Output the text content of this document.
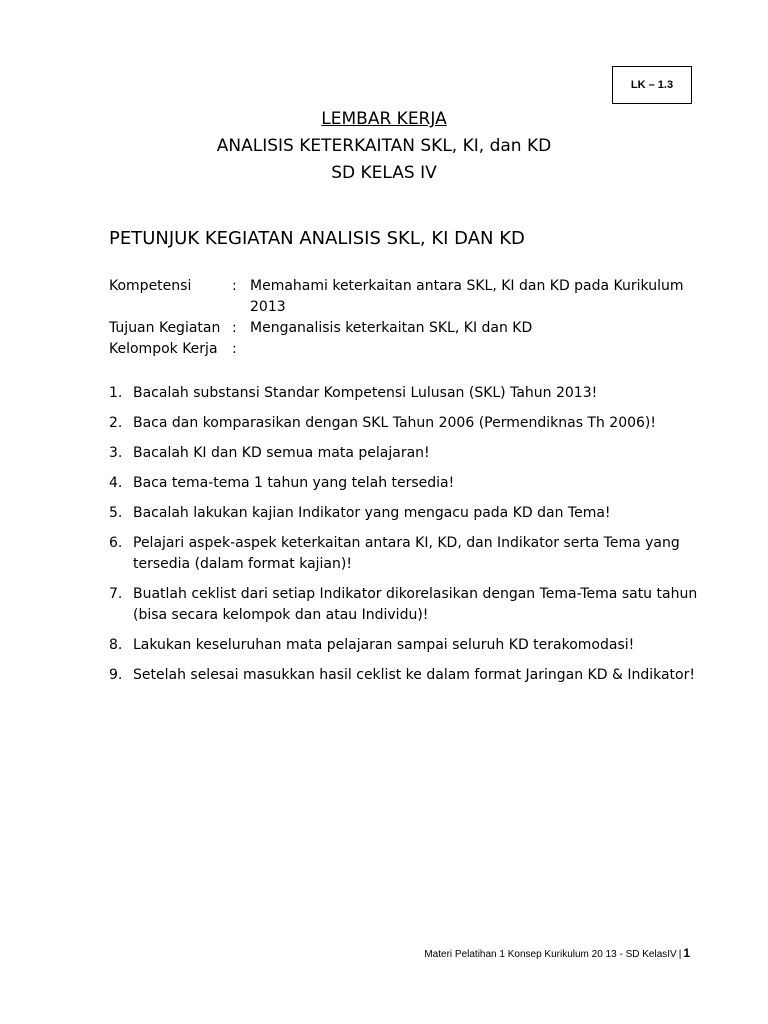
LK – 1.3
LEMBAR KERJA
ANALISIS KETERKAITAN SKL, KI, dan KD
SD KELAS IV
PETUNJUK KEGIATAN ANALISIS SKL, KI DAN KD
Kompetensi	: Memahami keterkaitan antara SKL, KI dan KD pada Kurikulum 2013
Tujuan Kegiatan : Menganalisis keterkaitan SKL, KI dan KD
Kelompok Kerja :
1. Bacalah substansi Standar Kompetensi Lulusan (SKL) Tahun 2013!
2. Baca dan komparasikan dengan SKL Tahun 2006 (Permendiknas Th 2006)!
3. Bacalah KI dan KD semua mata pelajaran!
4. Baca tema-tema 1 tahun yang telah tersedia!
5. Bacalah lakukan kajian Indikator yang mengacu pada KD dan Tema!
6. Pelajari aspek-aspek keterkaitan antara KI, KD, dan Indikator serta Tema yang tersedia (dalam format kajian)!
7. Buatlah ceklist dari setiap Indikator dikorelasikan dengan Tema-Tema satu tahun (bisa secara kelompok dan atau Individu)!
8. Lakukan keseluruhan mata pelajaran sampai seluruh KD terakomodasi!
9. Setelah selesai masukkan hasil ceklist ke dalam format Jaringan KD & Indikator!
Materi Pelatihan 1 Konsep Kurikulum 20 13 - SD KelasIV | 1
